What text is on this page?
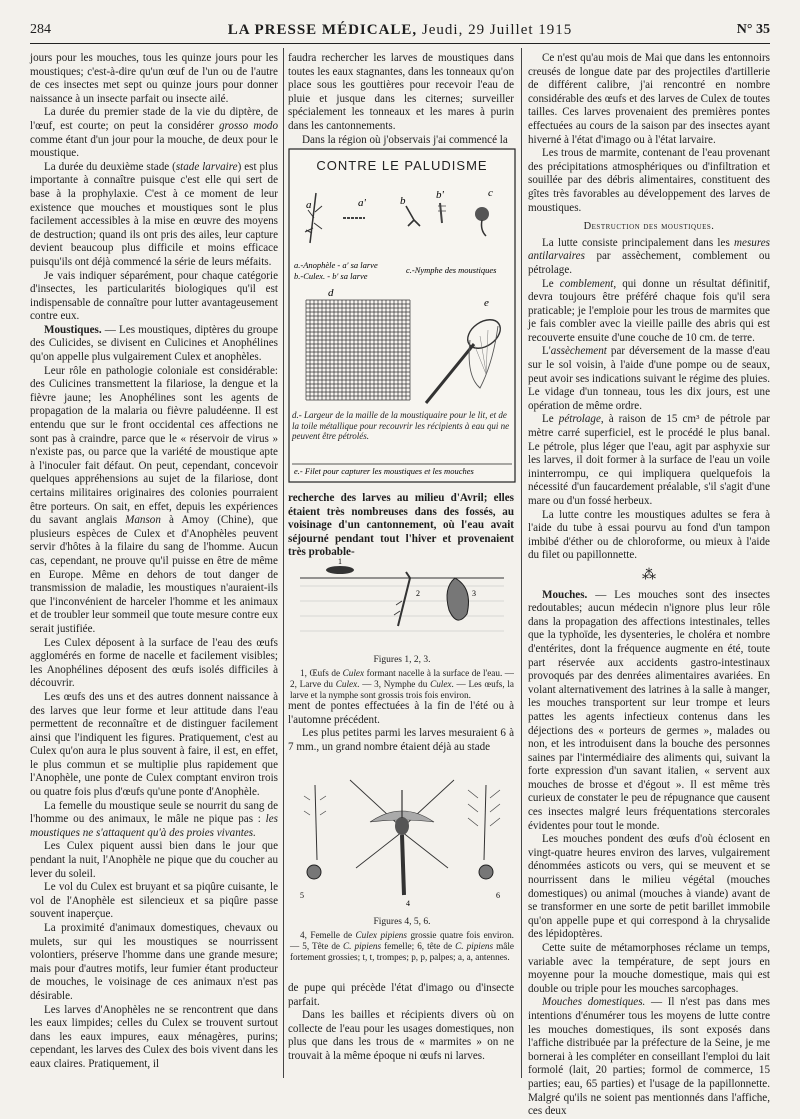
284	LA PRESSE MÉDICALE, Jeudi, 29 Juillet 1915	N° 35

jours pour les mouches, tous les quinze jours pour les moustiques; c'est-à-dire qu'un œuf de l'un ou de l'autre de ces insectes met sept ou quinze jours pour donner naissance à un insecte parfait ou insecte ailé.

La durée du premier stade de la vie du diptère, de l'œuf, est courte; on peut la considérer grosso modo comme étant d'un jour pour la mouche, de deux pour le moustique.

La durée du deuxième stade (stade larvaire) est plus importante à connaître puisque c'est elle qui sert de base à la prophylaxie. C'est à ce moment de leur existence que mouches et moustiques sont le plus facilement accessibles à la mise en œuvre des moyens de destruction; quand ils ont pris des ailes, leur capture devient beaucoup plus difficile et moins efficace puisqu'ils ont déjà commencé la série de leurs méfaits.

Je vais indiquer séparément, pour chaque catégorie d'insectes, les particularités biologiques qu'il est indispensable de connaître pour lutter avantageusement contre eux.

Moustiques. — Les moustiques, diptères du groupe des Culicides, se divisent en Culicines et Anophélines qu'on appelle plus vulgairement Culex et anophèles.

Leur rôle en pathologie coloniale est considérable: des Culicines transmettent la filariose, la dengue et la fièvre jaune; les Anophélines sont les agents de propagation de la malaria ou fièvre paludéenne. Il est entendu que sur le front occidental ces affections ne sont pas à craindre, parce que le « réservoir de virus » n'existe pas, ou parce que la variété de moustique apte à l'inoculer fait défaut. On peut, cependant, concevoir quelques appréhensions au sujet de la filariose, dont certains militaires originaires des colonies pourraient être porteurs. On sait, en effet, depuis les expériences du savant anglais Manson à Amoy (Chine), que plusieurs espèces de Culex et d'Anophèles peuvent servir d'hôtes à la filaire du sang de l'homme. Aucun cas, cependant, ne prouve qu'il puisse en être de même en Europe. Même en dehors de tout danger de transmission de maladie, les moustiques n'auraient-ils que l'inconvénient de harceler l'homme et les animaux et de troubler leur sommeil que toute mesure contre eux serait justifiée.

Les Culex déposent à la surface de l'eau des œufs agglomérés en forme de nacelle et facilement visibles; les Anophélines déposent des œufs isolés difficiles à découvrir.

Les œufs des uns et des autres donnent naissance à des larves que leur forme et leur attitude dans l'eau permettent de reconnaître et de distinguer facilement ainsi que l'indiquent les figures. Pratiquement, c'est au Culex qu'on aura le plus souvent à faire, il est, en effet, le plus commun et se multiplie plus rapidement que l'Anophèle, une ponte de Culex comptant environ trois ou quatre fois plus d'œufs qu'une ponte d'Anophèle.

La femelle du moustique seule se nourrit du sang de l'homme ou des animaux, le mâle ne pique pas : les moustiques ne s'attaquent qu'à des proies vivantes.

Les Culex piquent aussi bien dans le jour que pendant la nuit, l'Anophèle ne pique que du coucher au lever du soleil.

Le vol du Culex est bruyant et sa piqûre cuisante, le vol de l'Anophèle est silencieux et sa piqûre passe souvent inaperçue.

La proximité d'animaux domestiques, chevaux ou mulets, sur qui les moustiques se nourrissent volontiers, préserve l'homme dans une grande mesure; mais pour d'autres motifs, leur fumier étant producteur de mouches, le voisinage de ces animaux n'est pas désirable.

Les larves d'Anophèles ne se rencontrent que dans les eaux limpides; celles du Culex se trouvent surtout dans les eaux impures, eaux ménagères, purins; cependant, les larves des Culex des bois vivent dans les eaux claires. Pratiquement, il

faudra rechercher les larves de moustiques dans toutes les eaux stagnantes, dans les tonneaux qu'on place sous les gouttières pour recevoir l'eau de pluie et jusque dans les citernes; surveiller spécialement les tonneaux et les mares à purin dans les cantonnements.

Dans la région où j'observais j'ai commencé la

CONTRE LE PALUDISME
a	a'	b	b'	c
a.-Anophèle - a' sa larve
b.-Culex. - b' sa larve
c.-Nymphe des moustiques
d
e
d.- Largeur de la maille de la moustiquaire pour le lit, et de la toile métallique pour recouvrir les récipients à eau qui ne peuvent être pétrolés.
e.- Filet pour capturer les moustiques et les mouches

recherche des larves au milieu d'Avril; elles étaient très nombreuses dans des fossés, au voisinage d'un cantonnement, où l'eau avait séjourné pendant tout l'hiver et provenaient très probable-

1
2	3
Figures 1, 2, 3.

1, Œufs de Culex formant nacelle à la surface de l'eau. — 2, Larve du Culex. — 3, Nymphe du Culex. — Les œufs, la larve et la nymphe sont grossis trois fois environ.

ment de pontes effectuées à la fin de l'été ou à l'automne précédent.

Les plus petites parmi les larves mesuraient 6 à 7 mm., un grand nombre étaient déjà au stade

5
4
6
Figures 4, 5, 6.

4, Femelle de Culex pipiens grossie quatre fois environ. — 5, Tête de C. pipiens femelle; 6, tête de C. pipiens mâle fortement grossies; t, t, trompes; p, p, palpes; a, a, antennes.

de pupe qui précède l'état d'imago ou d'insecte parfait.

Dans les bailles et récipients divers où on collecte de l'eau pour les usages domestiques, non plus que dans les trous de « marmites » on ne trouvait à la même époque ni œufs ni larves.

Ce n'est qu'au mois de Mai que dans les entonnoirs creusés de longue date par des projectiles d'artillerie de différent calibre, j'ai rencontré en nombre considérable des œufs et des larves de Culex de toutes tailles. Ces larves provenaient des premières pontes effectuées au cours de la saison par des insectes ayant hiverné à l'état d'imago ou à l'état larvaire.

Les trous de marmite, contenant de l'eau provenant des précipitations atmosphériques ou d'infiltration et souillée par des débris alimentaires, constituent des gîtes très favorables au développement des larves de moustiques.

Destruction des moustiques.

La lutte consiste principalement dans les mesures antilarvaires par assèchement, comblement ou pétrolage.

Le comblement, qui donne un résultat définitif, devra toujours être préféré chaque fois qu'il sera praticable; je l'emploie pour les trous de marmites que je fais combler avec la vieille paille des abris qui est recouverte ensuite d'une couche de 10 cm. de terre.

L'assèchement par déversement de la masse d'eau sur le sol voisin, à l'aide d'une pompe ou de seaux, peut avoir ses indications suivant le régime des pluies. Le vidage d'un tonneau, tous les dix jours, est une opération de même ordre.

Le pétrolage, à raison de 15 cm³ de pétrole par mètre carré superficiel, est le procédé le plus banal. Le pétrole, plus léger que l'eau, agit par asphyxie sur les larves, il doit former à la surface de l'eau un voile ininterrompu, ce qui impliquera quelquefois la nécessité d'un faucardement préalable, s'il s'agit d'une mare ou d'un fossé herbeux.

La lutte contre les moustiques adultes se fera à l'aide du tube à essai pourvu au fond d'un tampon imbibé d'éther ou de chloroforme, ou mieux à l'aide du filet ou papillonnette.

⁂

Mouches. — Les mouches sont des insectes redoutables; aucun médecin n'ignore plus leur rôle dans la propagation des affections intestinales, telles que la typhoïde, les dysenteries, le choléra et nombre d'entérites, dont la fréquence augmente en été, toute part réservée aux accidents gastro-intestinaux provoqués par des denrées alimentaires avariées. En volant alternativement des latrines à la salle à manger, les mouches transportent sur leur trompe et leurs pattes les agents infectieux contenus dans les déjections des « porteurs de germes », malades ou non, et les introduisent dans la bouche des personnes saines par l'intermédiaire des aliments qui, suivant la forte expression d'un savant italien, « servent aux mouches de brosse et d'égout ». Il est même très curieux de constater le peu de répugnance que causent ces insectes malgré leurs fréquentations stercorales évidentes pour tout le monde.

Les mouches pondent des œufs d'où éclosent en vingt-quatre heures environ des larves, vulgairement dénommées asticots ou vers, qui se meuvent et se nourrissent dans le milieu végétal (mouches domestiques) ou animal (mouches à viande) avant de se transformer en une sorte de petit barillet immobile qu'on appelle pupe et qui correspond à la chrysalide des lépidoptères.

Cette suite de métamorphoses réclame un temps, variable avec la température, de sept jours en moyenne pour la mouche domestique, mais qui est double ou triple pour les mouches sarcophages.

Mouches domestiques. — Il n'est pas dans mes intentions d'énumérer tous les moyens de lutte contre les mouches domestiques, ils sont exposés dans l'affiche distribuée par la préfecture de la Seine, je me bornerai à les compléter en conseillant l'emploi du lait formolé (lait, 20 parties; formol de commerce, 15 parties; eau, 65 parties) et l'usage de la papillonnette. Malgré qu'ils ne soient pas mentionnés dans l'affiche, ces deux
